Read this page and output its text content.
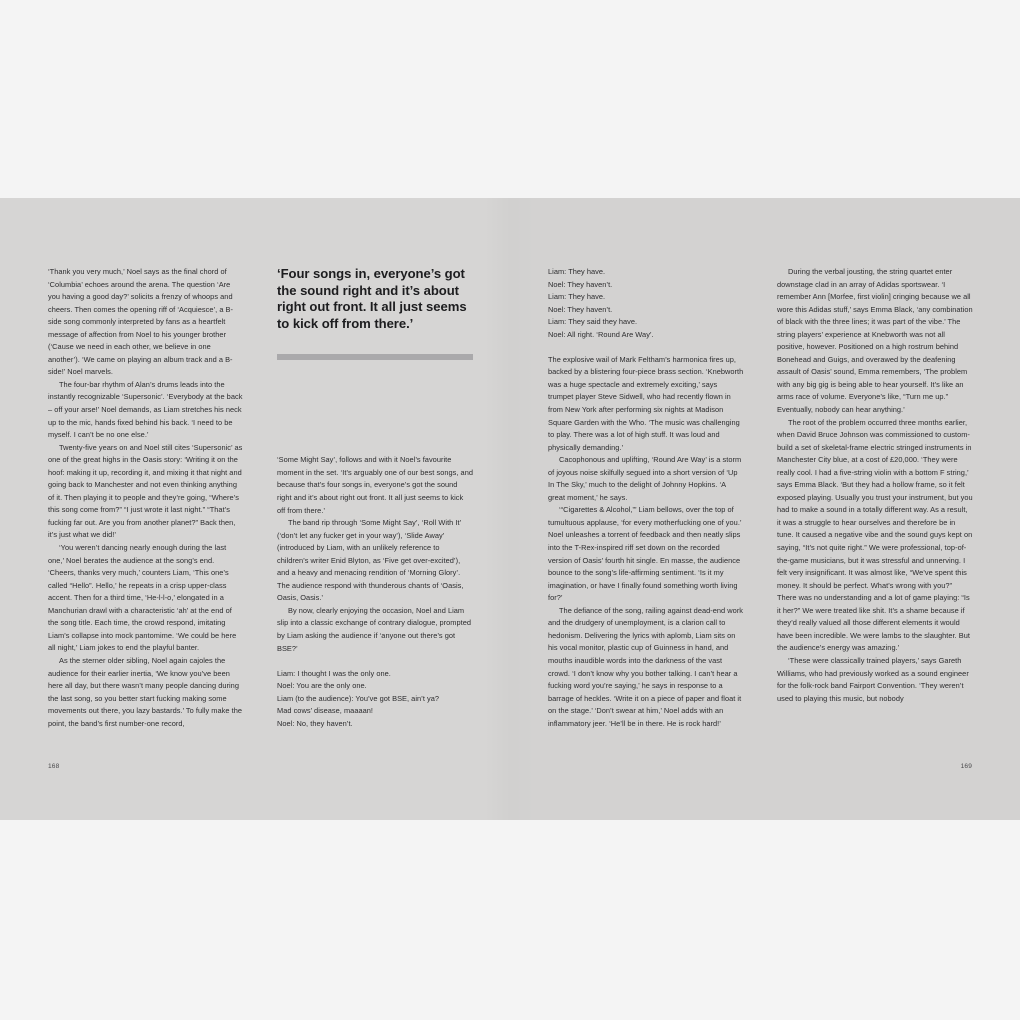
‘Thank you very much,’ Noel says as the final chord of ‘Columbia’ echoes around the arena. The question ‘Are you having a good day?’ solicits a frenzy of whoops and cheers. Then comes the opening riff of ‘Acquiesce’, a B-side song commonly interpreted by fans as a heartfelt message of affection from Noel to his younger brother (‘Cause we need in each other, we believe in one another’). ‘We came on playing an album track and a B-side!’ Noel marvels.

The four-bar rhythm of Alan’s drums leads into the instantly recognizable ‘Supersonic’. ‘Everybody at the back – off your arse!’ Noel demands, as Liam stretches his neck up to the mic, hands fixed behind his back. ‘I need to be myself. I can’t be no one else.’

Twenty-five years on and Noel still cites ‘Supersonic’ as one of the great highs in the Oasis story: ‘Writing it on the hoof: making it up, recording it, and mixing it that night and going back to Manchester and not even thinking anything of it. Then playing it to people and they’re going, “Where’s this song come from?” “I just wrote it last night.” “That’s fucking far out. Are you from another planet?” Back then, it’s just what we did!’

‘You weren’t dancing nearly enough during the last one,’ Noel berates the audience at the song’s end. ‘Cheers, thanks very much,’ counters Liam, ‘This one’s called “Hello”. Hello,’ he repeats in a crisp upper-class accent. Then for a third time, ‘He-l-l-o,’ elongated in a Manchurian drawl with a characteristic ‘ah’ at the end of the song title. Each time, the crowd respond, imitating Liam’s collapse into mock pantomime. ‘We could be here all night,’ Liam jokes to end the playful banter.

As the sterner older sibling, Noel again cajoles the audience for their earlier inertia, ‘We know you’ve been here all day, but there wasn’t many people dancing during the last song, so you better start fucking making some movements out there, you lazy bastards.’ To fully make the point, the band’s first number-one record,

‘Four songs in, everyone’s got the sound right and it’s about right out front. It all just seems to kick off from there.’

‘Some Might Say’, follows and with it Noel’s favourite moment in the set. ‘It’s arguably one of our best songs, and because that’s four songs in, everyone’s got the sound right and it’s about right out front. It all just seems to kick off from there.’

The band rip through ‘Some Might Say’, ‘Roll With It’ (‘don’t let any fucker get in your way’), ‘Slide Away’ (introduced by Liam, with an unlikely reference to children’s writer Enid Blyton, as ‘Five get over-excited’), and a heavy and menacing rendition of ‘Morning Glory’. The audience respond with thunderous chants of ‘Oasis, Oasis, Oasis.’

By now, clearly enjoying the occasion, Noel and Liam slip into a classic exchange of contrary dialogue, prompted by Liam asking the audience if ‘anyone out there’s got BSE?’

Liam: I thought I was the only one.

Noel: You are the only one.

Liam (to the audience): You’ve got BSE, ain’t ya?

Mad cows’ disease, maaaan!

Noel: No, they haven’t.

168

Liam: They have.

Noel: They haven’t.

Liam: They have.

Noel: They haven’t.

Liam: They said they have.

Noel: All right. ‘Round Are Way’.

The explosive wail of Mark Feltham’s harmonica fires up, backed by a blistering four-piece brass section. ‘Knebworth was a huge spectacle and extremely exciting,’ says trumpet player Steve Sidwell, who had recently flown in from New York after performing six nights at Madison Square Garden with the Who. ‘The music was challenging to play. There was a lot of high stuff. It was loud and physically demanding.’

Cacophonous and uplifting, ‘Round Are Way’ is a storm of joyous noise skilfully segued into a short version of ‘Up In The Sky,’ much to the delight of Johnny Hopkins. ‘A great moment,’ he says.

‘“Cigarettes & Alcohol,”’ Liam bellows, over the top of tumultuous applause, ‘for every motherfucking one of you.’ Noel unleashes a torrent of feedback and then neatly slips into the T-Rex-inspired riff set down on the recorded version of Oasis’ fourth hit single. En masse, the audience bounce to the song’s life-affirming sentiment. ‘Is it my imagination, or have I finally found something worth living for?’

The defiance of the song, railing against dead-end work and the drudgery of unemployment, is a clarion call to hedonism. Delivering the lyrics with aplomb, Liam sits on his vocal monitor, plastic cup of Guinness in hand, and mouths inaudible words into the darkness of the vast crowd. ‘I don’t know why you bother talking. I can’t hear a fucking word you’re saying,’ he says in response to a barrage of heckles. ‘Write it on a piece of paper and float it on the stage.’ ‘Don’t swear at him,’ Noel adds with an inflammatory jeer. ‘He’ll be in there. He is rock hard!’

During the verbal jousting, the string quartet enter downstage clad in an array of Adidas sportswear. ‘I remember Ann [Morfee, first violin] cringing because we all wore this Adidas stuff,’ says Emma Black, ‘any combination of black with the three lines; it was part of the vibe.’ The string players’ experience at Knebworth was not all positive, however. Positioned on a high rostrum behind Bonehead and Guigs, and overawed by the deafening assault of Oasis’ sound, Emma remembers, ‘The problem with any big gig is being able to hear yourself. It’s like an arms race of volume. Everyone’s like, “Turn me up.” Eventually, nobody can hear anything.’

The root of the problem occurred three months earlier, when David Bruce Johnson was commissioned to custom-build a set of skeletal-frame electric stringed instruments in Manchester City blue, at a cost of £20,000. ‘They were really cool. I had a five-string violin with a bottom F string,’ says Emma Black. ‘But they had a hollow frame, so it felt exposed playing. Usually you trust your instrument, but you had to make a sound in a totally different way. As a result, it was a struggle to hear ourselves and therefore be in tune. It caused a negative vibe and the sound guys kept on saying, “It’s not quite right.” We were professional, top-of-the-game musicians, but it was stressful and unnerving. I felt very insignificant. It was almost like, “We’ve spent this money. It should be perfect. What’s wrong with you?” There was no understanding and a lot of game playing: “Is it her?” We were treated like shit. It’s a shame because if they’d really valued all those different elements it would have been incredible. We were lambs to the slaughter. But the audience’s energy was amazing.’

‘These were classically trained players,’ says Gareth Williams, who had previously worked as a sound engineer for the folk-rock band Fairport Convention. ‘They weren’t used to playing this music, but nobody

169
